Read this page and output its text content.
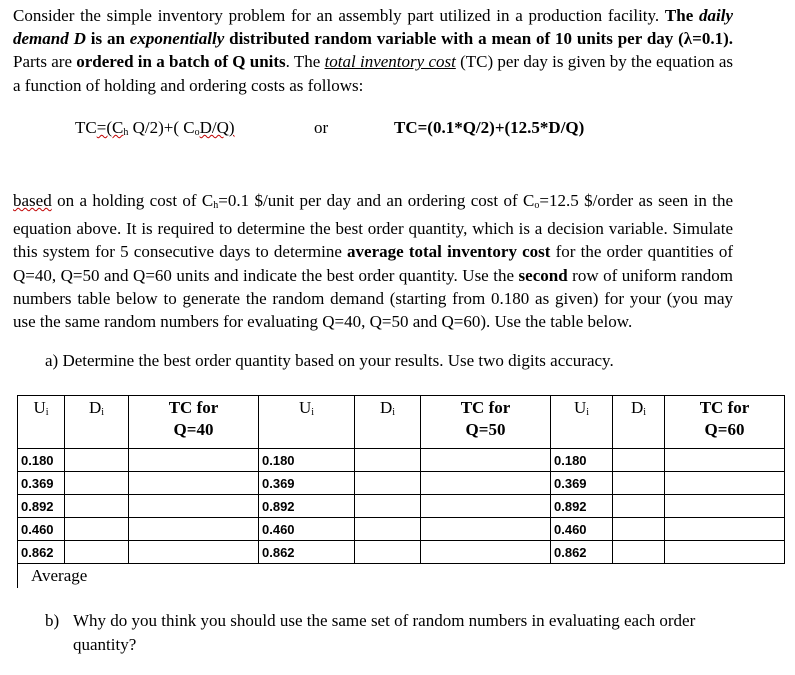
Consider the simple inventory problem for an assembly part utilized in a production facility. The daily demand D is an exponentially distributed random variable with a mean of 10 units per day (λ=0.1). Parts are ordered in a batch of Q units. The total inventory cost (TC) per day is given by the equation as a function of holding and ordering costs as follows:
$TC=(C_h$ Q/2)+( $C_oD/Q$)	or	TC=(0.1*Q/2)+(12.5*D/Q)
based on a holding cost of $C_h=0.1$ $/unit per day and an ordering cost of $C_o=12.5$ $/order as seen in the equation above. It is required to determine the best order quantity, which is a decision variable. Simulate this system for 5 consecutive days to determine average total inventory cost for the order quantities of Q=40, Q=50 and Q=60 units and indicate the best order quantity. Use the second row of uniform random numbers table below to generate the random demand (starting from 0.180 as given) for your (you may use the same random numbers for evaluating Q=40, Q=50 and Q=60). Use the table below.
a) Determine the best order quantity based on your results. Use two digits accuracy.
$U_i$	$D_i$	TC for
Q=40	$U_i$	$D_i$	TC for
Q=50	$U_i$	$D_i$	TC for
Q=60

0.180			0.180			0.180		
0.369			0.369			0.369		
0.892			0.892			0.892		
0.460			0.460			0.460		
0.862			0.862			0.862		
Average								
b) Why do you think you should use the same set of random numbers in evaluating each order quantity?
